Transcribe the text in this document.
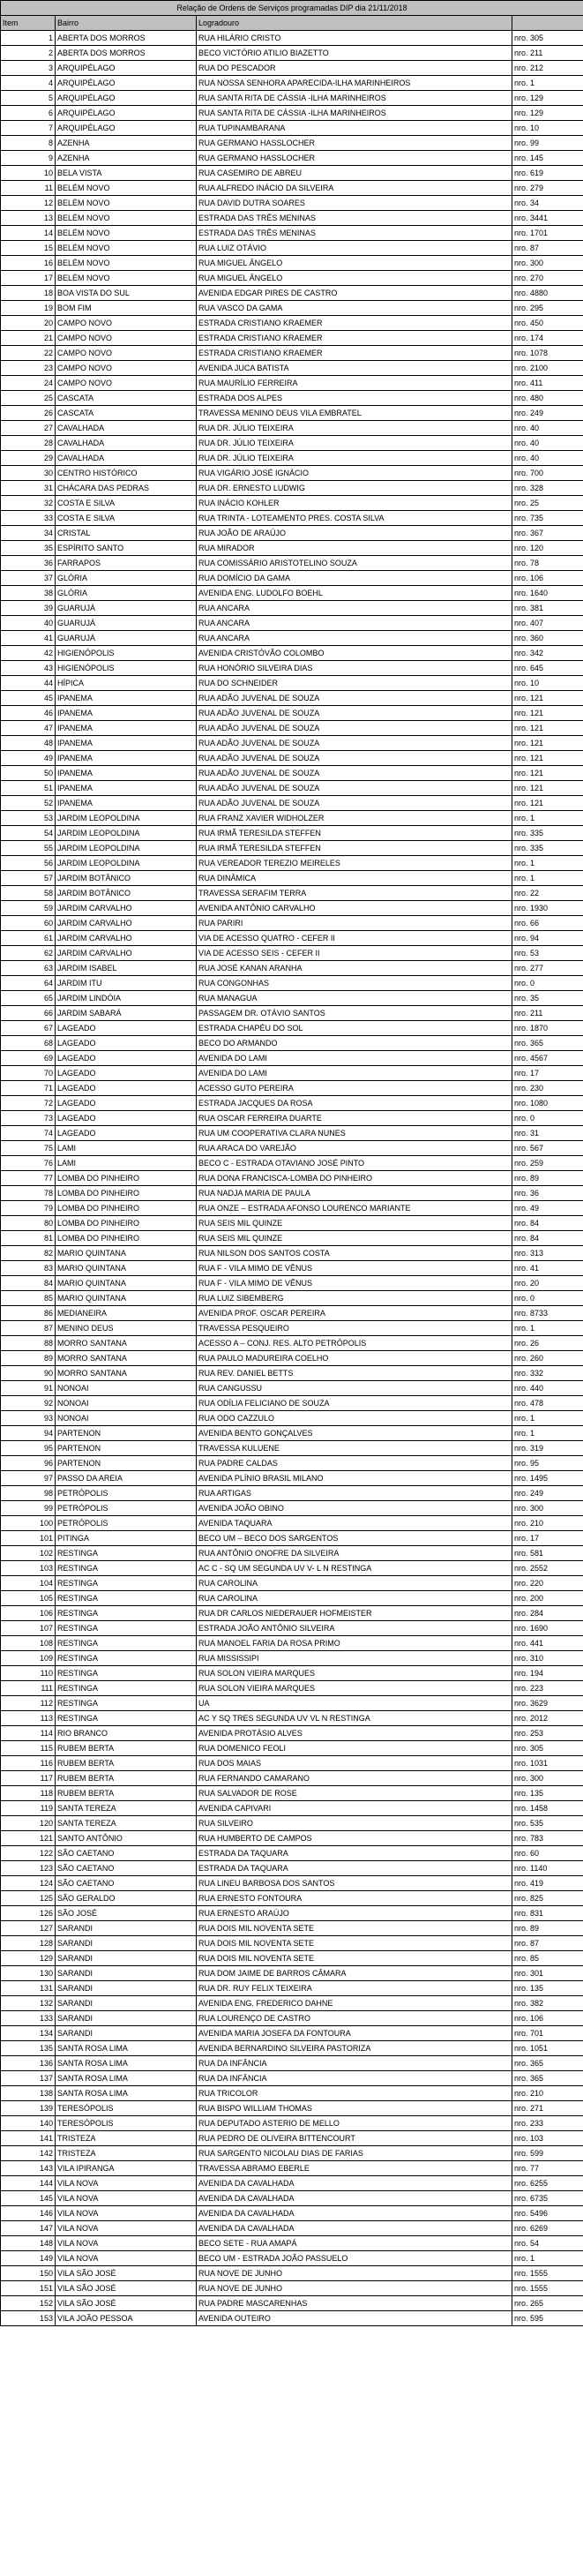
Relação de Ordens de Serviços programadas DIP dia 21/11/2018			
Item	Bairro	Logradouro	
1	ABERTA DOS MORROS	RUA HILÁRIO CRISTO	nro. 305
2	ABERTA DOS MORROS	BECO VICTÓRIO ATILIO BIAZETTO	nro. 211
3	ARQUIPÉLAGO	RUA DO PESCADOR	nro. 212
4	ARQUIPÉLAGO	RUA NOSSA SENHORA APARECIDA-ILHA MARINHEIROS	nro. 1
5	ARQUIPÉLAGO	RUA SANTA RITA DE CÁSSIA -ILHA MARINHEIROS	nro. 129
6	ARQUIPÉLAGO	RUA SANTA RITA DE CÁSSIA -ILHA MARINHEIROS	nro. 129
7	ARQUIPÉLAGO	RUA TUPINAMBARANA	nro. 10
8	AZENHA	RUA GERMANO HASSLOCHER	nro. 99
9	AZENHA	RUA GERMANO HASSLOCHER	nro. 145
10	BELA VISTA	RUA CASEMIRO DE ABREU	nro. 619
11	BELÉM NOVO	RUA ALFREDO INÁCIO DA SILVEIRA	nro. 279
12	BELÉM NOVO	RUA DAVID DUTRA SOARES	nro. 34
13	BELÉM NOVO	ESTRADA DAS TRÊS MENINAS	nro. 3441
14	BELÉM NOVO	ESTRADA DAS TRÊS MENINAS	nro. 1701
15	BELÉM NOVO	RUA LUIZ OTÁVIO	nro. 87
16	BELÉM NOVO	RUA MIGUEL ÂNGELO	nro. 300
17	BELÉM NOVO	RUA MIGUEL ÂNGELO	nro. 270
18	BOA VISTA DO SUL	AVENIDA EDGAR PIRES DE CASTRO	nro. 4880
19	BOM FIM	RUA VASCO DA GAMA	nro. 295
20	CAMPO NOVO	ESTRADA CRISTIANO KRAEMER	nro. 450
21	CAMPO NOVO	ESTRADA CRISTIANO KRAEMER	nro. 174
22	CAMPO NOVO	ESTRADA CRISTIANO KRAEMER	nro. 1078
23	CAMPO NOVO	AVENIDA JUCA BATISTA	nro. 2100
24	CAMPO NOVO	RUA MAURÍLIO FERREIRA	nro. 411
25	CASCATA	ESTRADA DOS ALPES	nro. 480
26	CASCATA	TRAVESSA MENINO DEUS VILA EMBRATEL	nro. 249
27	CAVALHADA	RUA DR. JÚLIO TEIXEIRA	nro. 40
28	CAVALHADA	RUA DR. JÚLIO TEIXEIRA	nro. 40
29	CAVALHADA	RUA DR. JÚLIO TEIXEIRA	nro. 40
30	CENTRO HISTÓRICO	RUA VIGÁRIO JOSÉ IGNÁCIO	nro. 700
31	CHÁCARA DAS PEDRAS	RUA DR. ERNESTO LUDWIG	nro. 328
32	COSTA E SILVA	RUA INÁCIO KOHLER	nro. 25
33	COSTA E SILVA	RUA TRINTA - LOTEAMENTO PRES. COSTA SILVA	nro. 735
34	CRISTAL	RUA JOÃO DE ARAÚJO	nro. 367
35	ESPÍRITO SANTO	RUA MIRADOR	nro. 120
36	FARRAPOS	RUA COMISSÁRIO ARISTOTELINO SOUZA	nro. 78
37	GLÓRIA	RUA DOMÍCIO DA GAMA	nro. 106
38	GLÓRIA	AVENIDA ENG. LUDOLFO BOEHL	nro. 1640
39	GUARUJÁ	RUA ANCARA	nro. 381
40	GUARUJÁ	RUA ANCARA	nro. 407
41	GUARUJÁ	RUA ANCARA	nro. 360
42	HIGIENÓPOLIS	AVENIDA CRISTÓVÃO COLOMBO	nro. 342
43	HIGIENÓPOLIS	RUA HONÓRIO SILVEIRA DIAS	nro. 645
44	HÍPICA	RUA DO SCHNEIDER	nro. 10
45	IPANEMA	RUA ADÃO JUVENAL DE SOUZA	nro. 121
46	IPANEMA	RUA ADÃO JUVENAL DE SOUZA	nro. 121
47	IPANEMA	RUA ADÃO JUVENAL DE SOUZA	nro. 121
48	IPANEMA	RUA ADÃO JUVENAL DE SOUZA	nro. 121
49	IPANEMA	RUA ADÃO JUVENAL DE SOUZA	nro. 121
50	IPANEMA	RUA ADÃO JUVENAL DE SOUZA	nro. 121
51	IPANEMA	RUA ADÃO JUVENAL DE SOUZA	nro. 121
52	IPANEMA	RUA ADÃO JUVENAL DE SOUZA	nro. 121
53	JARDIM LEOPOLDINA	RUA FRANZ XAVIER WIDHOLZER	nro. 1
54	JARDIM LEOPOLDINA	RUA IRMÃ TERESILDA STEFFEN	nro. 335
55	JARDIM LEOPOLDINA	RUA IRMÃ TERESILDA STEFFEN	nro. 335
56	JARDIM LEOPOLDINA	RUA VEREADOR TEREZIO MEIRELES	nro. 1
57	JARDIM BOTÂNICO	RUA DINÂMICA	nro. 1
58	JARDIM BOTÂNICO	TRAVESSA SERAFIM TERRA	nro. 22
59	JARDIM CARVALHO	AVENIDA ANTÔNIO CARVALHO	nro. 1930
60	JARDIM CARVALHO	RUA PARIRI	nro. 66
61	JARDIM CARVALHO	VIA DE ACESSO QUATRO - CEFER II	nro. 94
62	JARDIM CARVALHO	VIA DE ACESSO SEIS - CEFER II	nro. 53
63	JARDIM ISABEL	RUA JOSÉ KANAN ARANHA	nro. 277
64	JARDIM ITU	RUA CONGONHAS	nro. 0
65	JARDIM LINDÓIA	RUA MANAGUA	nro. 35
66	JARDIM SABARÁ	PASSAGEM DR. OTÁVIO SANTOS	nro. 211
67	LAGEADO	ESTRADA CHAPÉU DO SOL	nro. 1870
68	LAGEADO	BECO DO ARMANDO	nro. 365
69	LAGEADO	AVENIDA DO LAMI	nro. 4567
70	LAGEADO	AVENIDA DO LAMI	nro. 17
71	LAGEADO	ACESSO GUTO PEREIRA	nro. 230
72	LAGEADO	ESTRADA JACQUES DA ROSA	nro. 1080
73	LAGEADO	RUA OSCAR FERREIRA DUARTE	nro. 0
74	LAGEADO	RUA UM COOPERATIVA CLARA NUNES	nro. 31
75	LAMI	RUA ARACA DO VAREJÃO	nro. 567
76	LAMI	BECO C - ESTRADA OTAVIANO JOSÉ PINTO	nro. 259
77	LOMBA DO PINHEIRO	RUA DONA FRANCISCA-LOMBA DO PINHEIRO	nro. 89
78	LOMBA DO PINHEIRO	RUA NADJA MARIA DE PAULA	nro. 36
79	LOMBA DO PINHEIRO	RUA ONZE – ESTRADA AFONSO LOURENCO MARIANTE	nro. 49
80	LOMBA DO PINHEIRO	RUA SEIS MIL QUINZE	nro. 84
81	LOMBA DO PINHEIRO	RUA SEIS MIL QUINZE	nro. 84
82	MARIO QUINTANA	RUA NILSON DOS SANTOS COSTA	nro. 313
83	MARIO QUINTANA	RUA F - VILA MIMO DE VÊNUS	nro. 41
84	MARIO QUINTANA	RUA F - VILA MIMO DE VÊNUS	nro. 20
85	MARIO QUINTANA	RUA LUIZ SIBEMBERG	nro. 0
86	MEDIANEIRA	AVENIDA PROF. OSCAR PEREIRA	nro. 8733
87	MENINO DEUS	TRAVESSA PESQUEIRO	nro. 1
88	MORRO SANTANA	ACESSO A – CONJ. RES. ALTO PETRÓPOLIS	nro. 26
89	MORRO SANTANA	RUA PAULO MADUREIRA COELHO	nro. 260
90	MORRO SANTANA	RUA REV. DANIEL BETTS	nro. 332
91	NONOAI	RUA CANGUSSU	nro. 440
92	NONOAI	RUA ODÍLIA FELICIANO DE SOUZA	nro. 478
93	NONOAI	RUA ODO CAZZULO	nro. 1
94	PARTENON	AVENIDA BENTO GONÇALVES	nro. 1
95	PARTENON	TRAVESSA KULUENE	nro. 319
96	PARTENON	RUA PADRE CALDAS	nro. 95
97	PASSO DA AREIA	AVENIDA PLÍNIO BRASIL MILANO	nro. 1495
98	PETRÓPOLIS	RUA ARTIGAS	nro. 249
99	PETRÓPOLIS	AVENIDA JOÃO OBINO	nro. 300
100	PETRÓPOLIS	AVENIDA TAQUARA	nro. 210
101	PITINGA	BECO UM – BECO DOS SARGENTOS	nro. 17
102	RESTINGA	RUA ANTÔNIO ONOFRE DA SILVEIRA	nro. 581
103	RESTINGA	AC C - SQ UM SEGUNDA UV V- L N RESTINGA	nro. 2552
104	RESTINGA	RUA CAROLINA	nro. 220
105	RESTINGA	RUA CAROLINA	nro. 200
106	RESTINGA	RUA DR CARLOS NIEDERAUER HOFMEISTER	nro. 284
107	RESTINGA	ESTRADA JOÃO ANTÔNIO SILVEIRA	nro. 1690
108	RESTINGA	RUA MANOEL FARIA DA ROSA PRIMO	nro. 441
109	RESTINGA	RUA MISSISSIPI	nro. 310
110	RESTINGA	RUA SOLON VIEIRA MARQUES	nro. 194
111	RESTINGA	RUA SOLON VIEIRA MARQUES	nro. 223
112	RESTINGA	UA	nro. 3629
113	RESTINGA	AC Y SQ TRES SEGUNDA UV VL N RESTINGA	nro. 2012
114	RIO BRANCO	AVENIDA PROTÁSIO ALVES	nro. 253
115	RUBEM BERTA	RUA DOMENICO FEOLI	nro. 305
116	RUBEM BERTA	RUA DOS MAIAS	nro. 1031
117	RUBEM BERTA	RUA FERNANDO CAMARANO	nro. 300
118	RUBEM BERTA	RUA SALVADOR DE ROSE	nro. 135
119	SANTA TEREZA	AVENIDA CAPIVARI	nro. 1458
120	SANTA TEREZA	RUA SILVEIRO	nro. 535
121	SANTO ANTÔNIO	RUA HUMBERTO DE CAMPOS	nro. 783
122	SÃO CAETANO	ESTRADA DA TAQUARA	nro. 60
123	SÃO CAETANO	ESTRADA DA TAQUARA	nro. 1140
124	SÃO CAETANO	RUA LINEU BARBOSA DOS SANTOS	nro. 419
125	SÃO GERALDO	RUA ERNESTO FONTOURA	nro. 825
126	SÃO JOSÉ	RUA ERNESTO ARAÚJO	nro. 831
127	SARANDI	RUA DOIS MIL NOVENTA SETE	nro. 89
128	SARANDI	RUA DOIS MIL NOVENTA SETE	nro. 87
129	SARANDI	RUA DOIS MIL NOVENTA SETE	nro. 85
130	SARANDI	RUA DOM JAIME DE BARROS CÂMARA	nro. 301
131	SARANDI	RUA DR. RUY FELIX TEIXEIRA	nro. 135
132	SARANDI	AVENIDA ENG. FREDERICO DAHNE	nro. 382
133	SARANDI	RUA LOURENÇO DE CASTRO	nro. 106
134	SARANDI	AVENIDA MARIA JOSEFA DA FONTOURA	nro. 701
135	SANTA ROSA LIMA	AVENIDA BERNARDINO SILVEIRA PASTORIZA	nro. 1051
136	SANTA ROSA LIMA	RUA DA INFÂNCIA	nro. 365
137	SANTA ROSA LIMA	RUA DA INFÂNCIA	nro. 365
138	SANTA ROSA LIMA	RUA TRICOLOR	nro. 210
139	TERESÓPOLIS	RUA BISPO WILLIAM THOMAS	nro. 271
140	TERESÓPOLIS	RUA DEPUTADO ASTERIO DE MELLO	nro. 233
141	TRISTEZA	RUA PEDRO DE OLIVEIRA BITTENCOURT	nro. 103
142	TRISTEZA	RUA SARGENTO NICOLAU DIAS DE FARIAS	nro. 599
143	VILA IPIRANGA	TRAVESSA ABRAMO EBERLE	nro. 77
144	VILA NOVA	AVENIDA DA CAVALHADA	nro. 6255
145	VILA NOVA	AVENIDA DA CAVALHADA	nro. 6735
146	VILA NOVA	AVENIDA DA CAVALHADA	nro. 5496
147	VILA NOVA	AVENIDA DA CAVALHADA	nro. 6269
148	VILA NOVA	BECO SETE - RUA AMAPÁ	nro. 54
149	VILA NOVA	BECO UM - ESTRADA JOÃO PASSUELO	nro. 1
150	VILA SÃO JOSÉ	RUA NOVE DE JUNHO	nro. 1555
151	VILA SÃO JOSÉ	RUA NOVE DE JUNHO	nro. 1555
152	VILA SÃO JOSÉ	RUA PADRE MASCARENHAS	nro. 265
153	VILA JOÃO PESSOA	AVENIDA OUTEIRO	nro. 595
